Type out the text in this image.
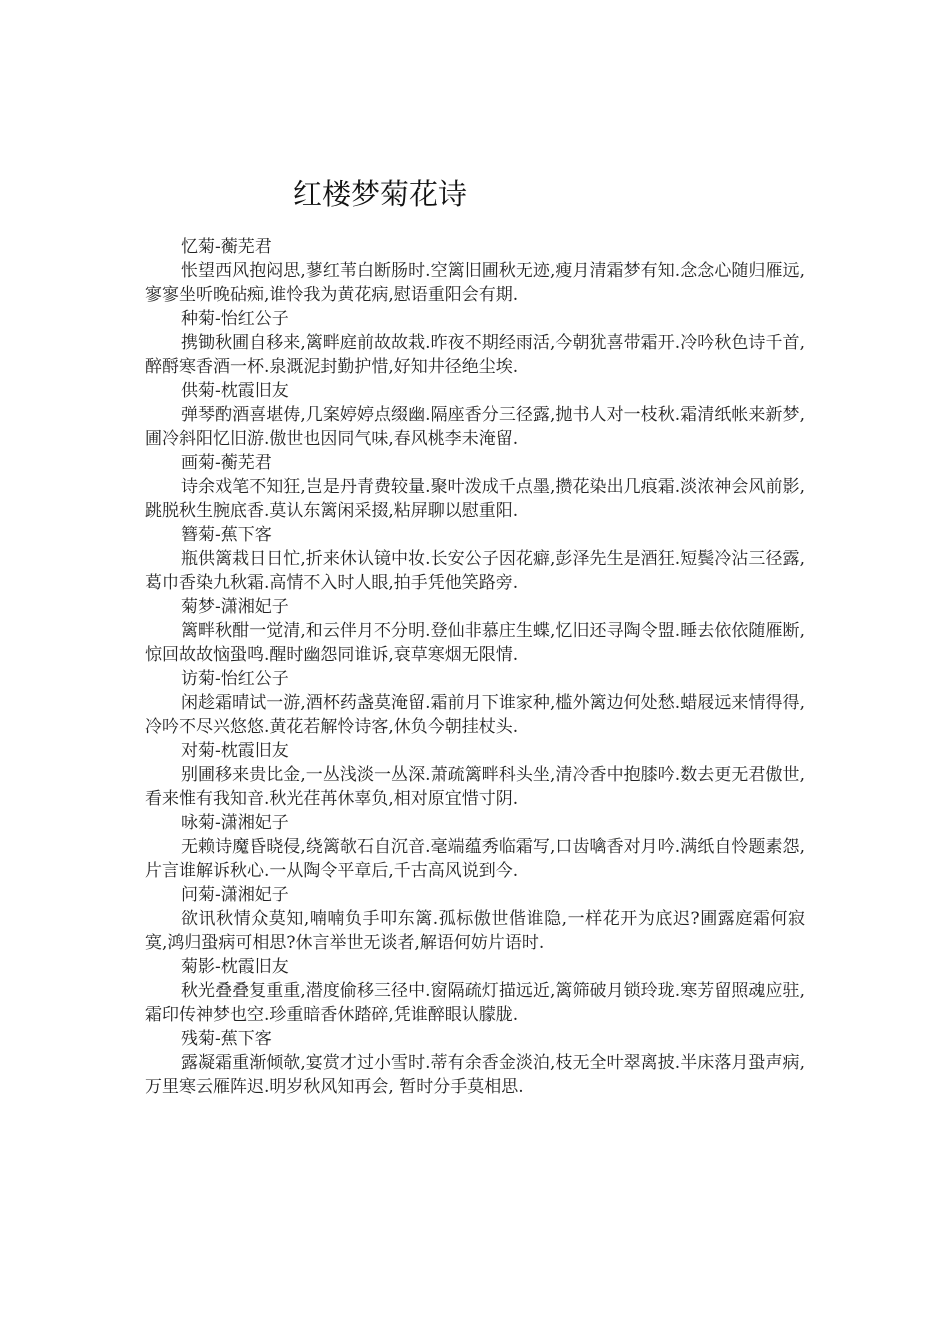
红楼梦菊花诗
忆菊-蘅芜君
怅望西风抱闷思,蓼红苇白断肠时.空篱旧圃秋无迹,瘦月清霜梦有知.念念心随归雁远,寥寥坐听晚砧痴,谁怜我为黄花病,慰语重阳会有期.
种菊-怡红公子
携锄秋圃自移来,篱畔庭前故故栽.昨夜不期经雨活,今朝犹喜带霜开.冷吟秋色诗千首,醉酹寒香酒一杯.泉溉泥封勤护惜,好知井径绝尘埃.
供菊-枕霞旧友
弹琴酌酒喜堪俦,几案婷婷点缀幽.隔座香分三径露,抛书人对一枝秋.霜清纸帐来新梦,圃冷斜阳忆旧游.傲世也因同气味,春风桃李未淹留.
画菊-蘅芜君
诗余戏笔不知狂,岂是丹青费较量.聚叶泼成千点墨,攒花染出几痕霜.淡浓神会风前影,跳脱秋生腕底香.莫认东篱闲采掇,粘屏聊以慰重阳.
簪菊-蕉下客
瓶供篱栽日日忙,折来休认镜中妆.长安公子因花癖,彭泽先生是酒狂.短鬓冷沾三径露,葛巾香染九秋霜.高情不入时人眼,拍手凭他笑路旁.
菊梦-潇湘妃子
篱畔秋酣一觉清,和云伴月不分明.登仙非慕庄生蝶,忆旧还寻陶令盟.睡去依依随雁断,惊回故故恼蛩鸣.醒时幽怨同谁诉,衰草寒烟无限情.
访菊-怡红公子
闲趁霜晴试一游,酒杯药盏莫淹留.霜前月下谁家种,槛外篱边何处愁.蜡屐远来情得得,冷吟不尽兴悠悠.黄花若解怜诗客,休负今朝挂杖头.
对菊-枕霞旧友
别圃移来贵比金,一丛浅淡一丛深.萧疏篱畔科头坐,清冷香中抱膝吟.数去更无君傲世,看来惟有我知音.秋光荏苒休辜负,相对原宜惜寸阴.
咏菊-潇湘妃子
无赖诗魔昏晓侵,绕篱欹石自沉音.毫端蕴秀临霜写,口齿噙香对月吟.满纸自怜题素怨,片言谁解诉秋心.一从陶令平章后,千古高风说到今.
问菊-潇湘妃子
欲讯秋情众莫知,喃喃负手叩东篱.孤标傲世偕谁隐,一样花开为底迟?圃露庭霜何寂寞,鸿归蛩病可相思?休言举世无谈者,解语何妨片语时.
菊影-枕霞旧友
秋光叠叠复重重,潜度偷移三径中.窗隔疏灯描远近,篱筛破月锁玲珑.寒芳留照魂应驻,霜印传神梦也空.珍重暗香休踏碎,凭谁醉眼认朦胧.
残菊-蕉下客
露凝霜重渐倾欹,宴赏才过小雪时.蒂有余香金淡泊,枝无全叶翠离披.半床落月蛩声病,万里寒云雁阵迟.明岁秋风知再会, 暂时分手莫相思.
